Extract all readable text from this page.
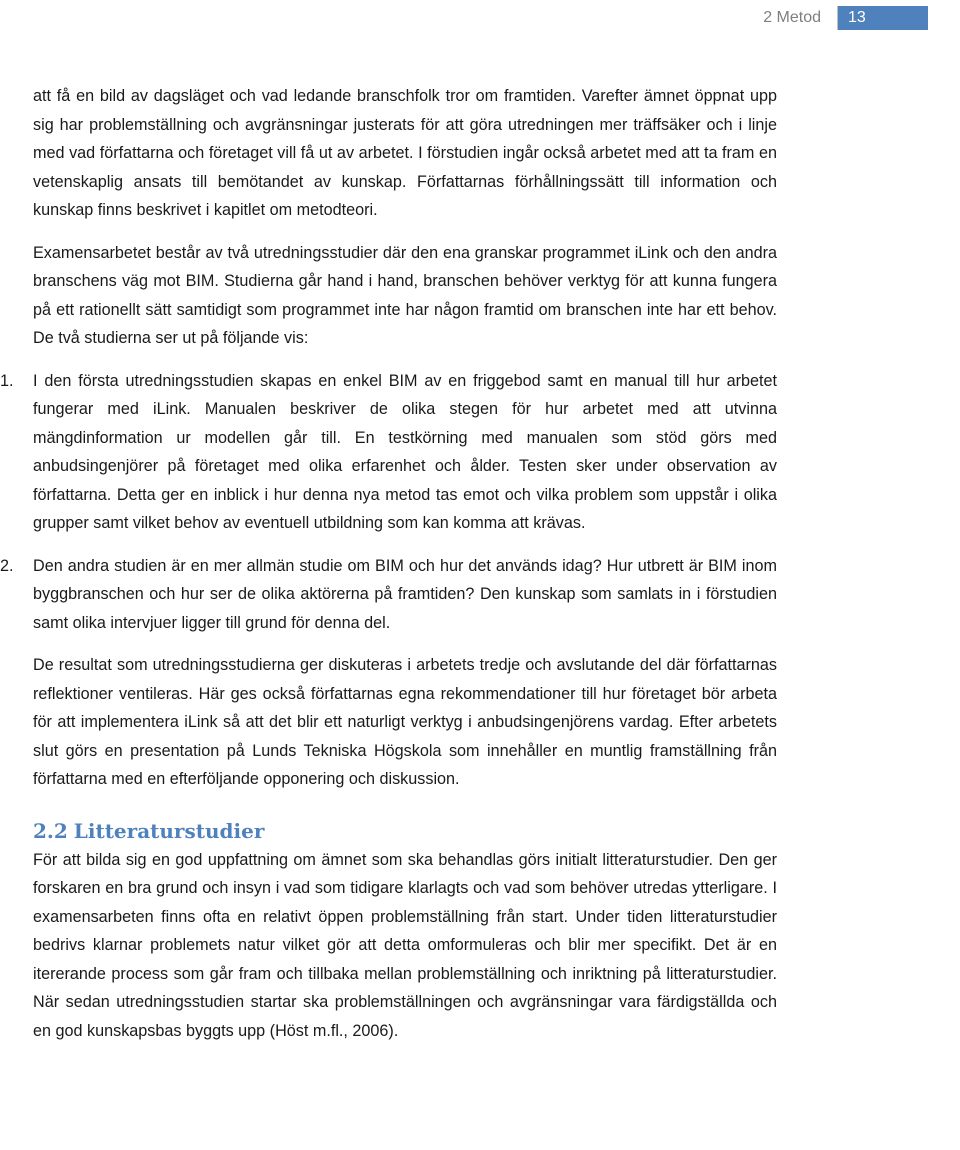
2 Metod	13

att få en bild av dagsläget och vad ledande branschfolk tror om framtiden. Varefter ämnet öppnat upp sig har problemställning och avgränsningar justerats för att göra utredningen mer träffsäker och i linje med vad författarna och företaget vill få ut av arbetet. I förstudien ingår också arbetet med att ta fram en vetenskaplig ansats till bemötandet av kunskap. Författarnas förhållningssätt till information och kunskap finns beskrivet i kapitlet om metodteori.

Examensarbetet består av två utredningsstudier där den ena granskar programmet iLink och den andra branschens väg mot BIM. Studierna går hand i hand, branschen behöver verktyg för att kunna fungera på ett rationellt sätt samtidigt som programmet inte har någon framtid om branschen inte har ett behov. De två studierna ser ut på följande vis:

1. I den första utredningsstudien skapas en enkel BIM av en friggebod samt en manual till hur arbetet fungerar med iLink. Manualen beskriver de olika stegen för hur arbetet med att utvinna mängdinformation ur modellen går till. En testkörning med manualen som stöd görs med anbudsingenjörer på företaget med olika erfarenhet och ålder. Testen sker under observation av författarna. Detta ger en inblick i hur denna nya metod tas emot och vilka problem som uppstår i olika grupper samt vilket behov av eventuell utbildning som kan komma att krävas.
2. Den andra studien är en mer allmän studie om BIM och hur det används idag? Hur utbrett är BIM inom byggbranschen och hur ser de olika aktörerna på framtiden? Den kunskap som samlats in i förstudien samt olika intervjuer ligger till grund för denna del.

De resultat som utredningsstudierna ger diskuteras i arbetets tredje och avslutande del där författarnas reflektioner ventileras. Här ges också författarnas egna rekommendationer till hur företaget bör arbeta för att implementera iLink så att det blir ett naturligt verktyg i anbudsingenjörens vardag. Efter arbetets slut görs en presentation på Lunds Tekniska Högskola som innehåller en muntlig framställning från författarna med en efterföljande opponering och diskussion.

2.2 Litteraturstudier

För att bilda sig en god uppfattning om ämnet som ska behandlas görs initialt litteraturstudier. Den ger forskaren en bra grund och insyn i vad som tidigare klarlagts och vad som behöver utredas ytterligare. I examensarbeten finns ofta en relativt öppen problemställning från start. Under tiden litteraturstudier bedrivs klarnar problemets natur vilket gör att detta omformuleras och blir mer specifikt. Det är en itererande process som går fram och tillbaka mellan problemställning och inriktning på litteraturstudier. När sedan utredningsstudien startar ska problemställningen och avgränsningar vara färdigställda och en god kunskapsbas byggts upp (Höst m.fl., 2006).
